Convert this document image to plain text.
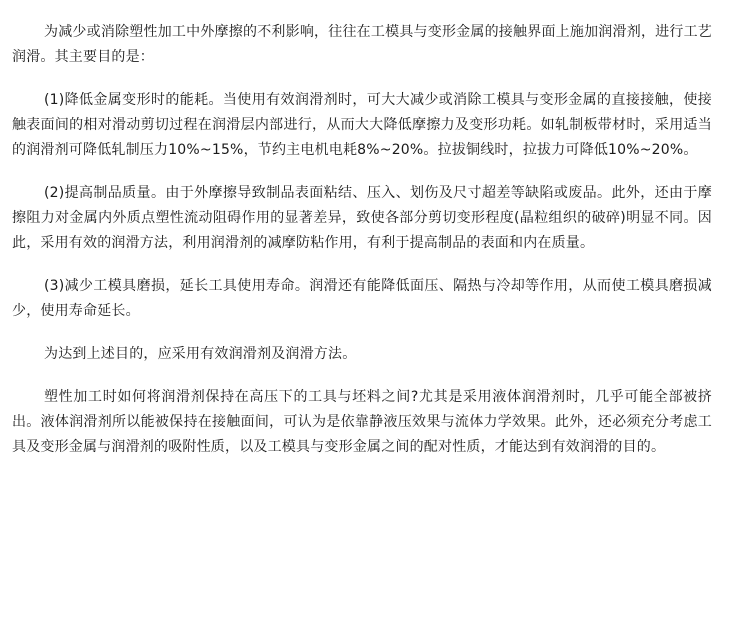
为减少或消除塑性加工中外摩擦的不利影响，往往在工模具与变形金属的接触界面上施加润滑剂，进行工艺润滑。其主要目的是：

(1)降低金属变形时的能耗。当使用有效润滑剂时，可大大减少或消除工模具与变形金属的直接接触，使接触表面间的相对滑动剪切过程在润滑层内部进行，从而大大降低摩擦力及变形功耗。如轧制板带材时，采用适当的润滑剂可降低轧制压力10%~15%，节约主电机电耗8%~20%。拉拔铜线时，拉拔力可降低10%~20%。

(2)提高制品质量。由于外摩擦导致制品表面粘结、压入、划伤及尺寸超差等缺陷或废品。此外，还由于摩擦阻力对金属内外质点塑性流动阻碍作用的显著差异，致使各部分剪切变形程度(晶粒组织的破碎)明显不同。因此，采用有效的润滑方法，利用润滑剂的减摩防粘作用，有利于提高制品的表面和内在质量。

(3)减少工模具磨损，延长工具使用寿命。润滑还有能降低面压、隔热与冷却等作用，从而使工模具磨损减少，使用寿命延长。

为达到上述目的，应采用有效润滑剂及润滑方法。

塑性加工时如何将润滑剂保持在高压下的工具与坯料之间?尤其是采用液体润滑剂时，几乎可能全部被挤出。液体润滑剂所以能被保持在接触面间，可认为是依靠静液压效果与流体力学效果。此外，还必须充分考虑工具及变形金属与润滑剂的吸附性质，以及工模具与变形金属之间的配对性质，才能达到有效润滑的目的。
